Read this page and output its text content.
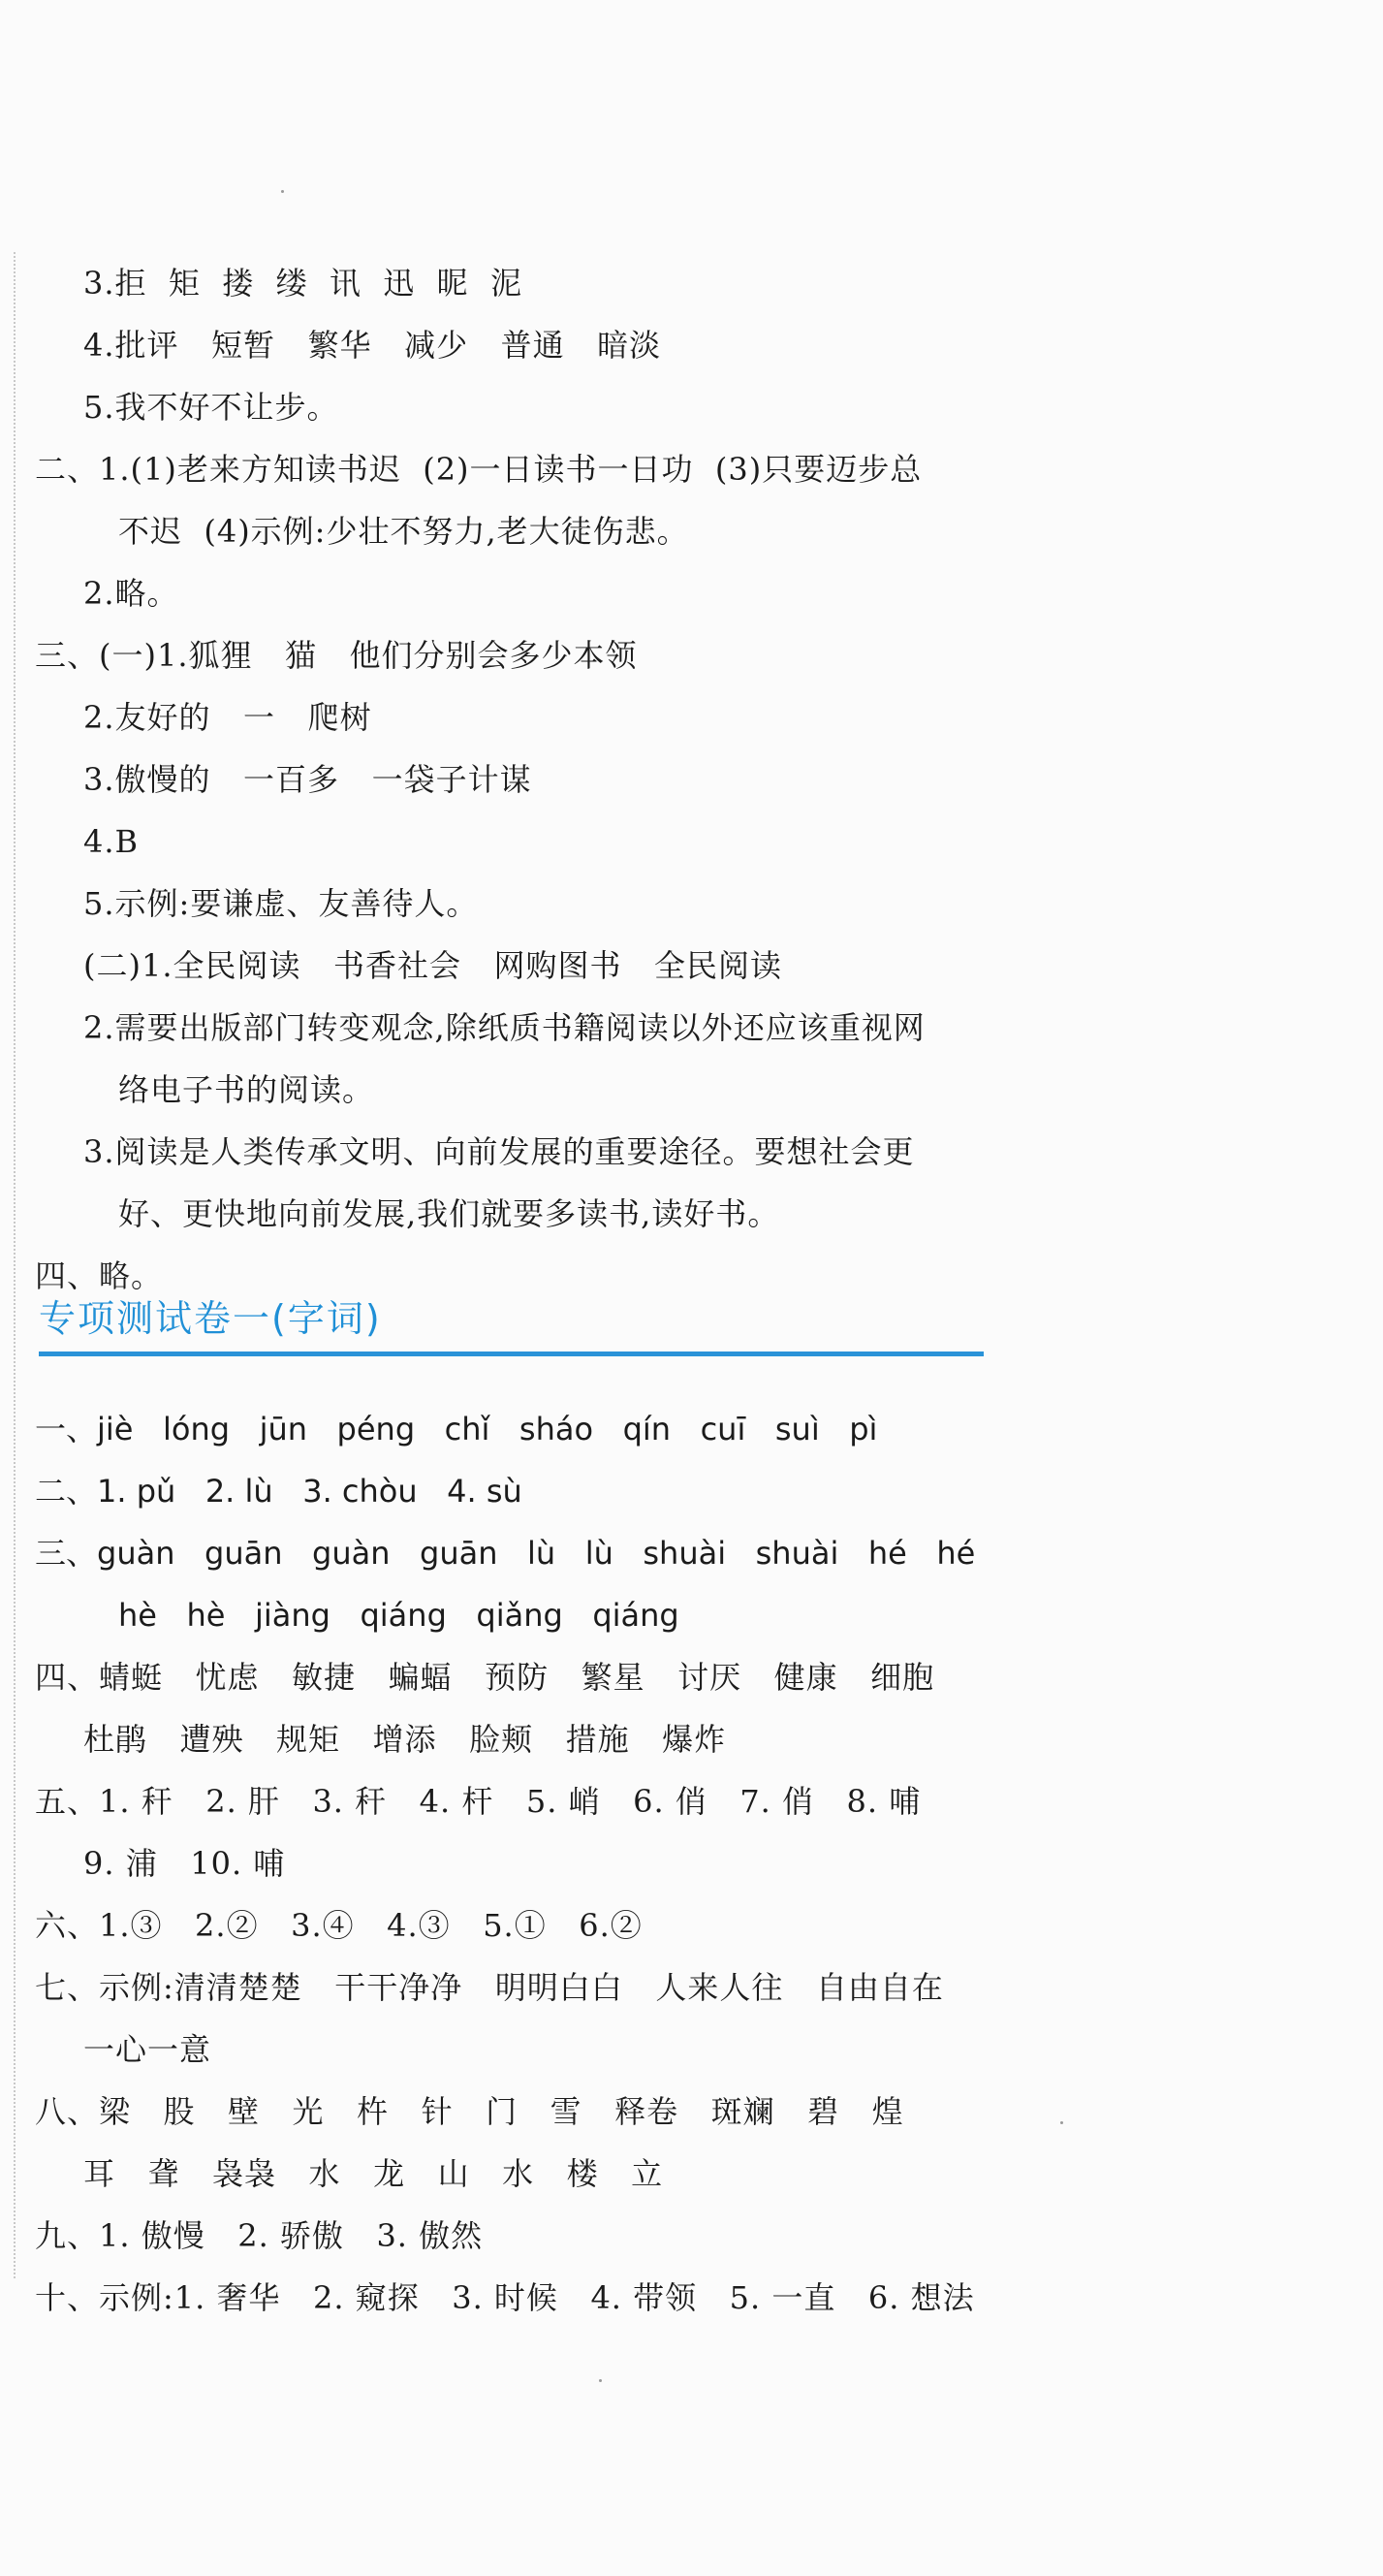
3.拒  矩  搂  缕  讯  迅  昵  泥
4.批评   短暂   繁华   减少   普通   暗淡
5.我不好不让步。
二、1.(1)老来方知读书迟  (2)一日读书一日功  (3)只要迈步总
不迟  (4)示例:少壮不努力,老大徒伤悲。
2.略。
三、(一)1.狐狸   猫   他们分别会多少本领
2.友好的   一   爬树
3.傲慢的   一百多   一袋子计谋
4.B
5.示例:要谦虚、友善待人。
(二)1.全民阅读   书香社会   网购图书   全民阅读
2.需要出版部门转变观念,除纸质书籍阅读以外还应该重视网
络电子书的阅读。
3.阅读是人类传承文明、向前发展的重要途径。要想社会更
好、更快地向前发展,我们就要多读书,读好书。
四、略。
专项测试卷一(字词)
一、jiè   lóng   jūn   péng   chǐ   sháo   qín   cuī   suì   pì
二、1. pǔ   2. lù   3. chòu   4. sù
三、guàn   guān   guàn   guān   lù   lù   shuài   shuài   hé   hé
hè   hè   jiàng   qiáng   qiǎng   qiáng
四、蜻蜓   忧虑   敏捷   蝙蝠   预防   繁星   讨厌   健康   细胞
杜鹃   遭殃   规矩   增添   脸颊   措施   爆炸
五、1. 秆   2. 肝   3. 秆   4. 杆   5. 峭   6. 俏   7. 俏   8. 哺
9. 浦   10. 哺
六、1.③   2.②   3.④   4.③   5.①   6.②
七、示例:清清楚楚   干干净净   明明白白   人来人往   自由自在
一心一意
八、梁   股   壁   光   杵   针   门   雪   释卷   斑斓   碧   煌
耳   聋   袅袅   水   龙   山   水   楼   立
九、1. 傲慢   2. 骄傲   3. 傲然
十、示例:1. 奢华   2. 窥探   3. 时候   4. 带领   5. 一直   6. 想法
